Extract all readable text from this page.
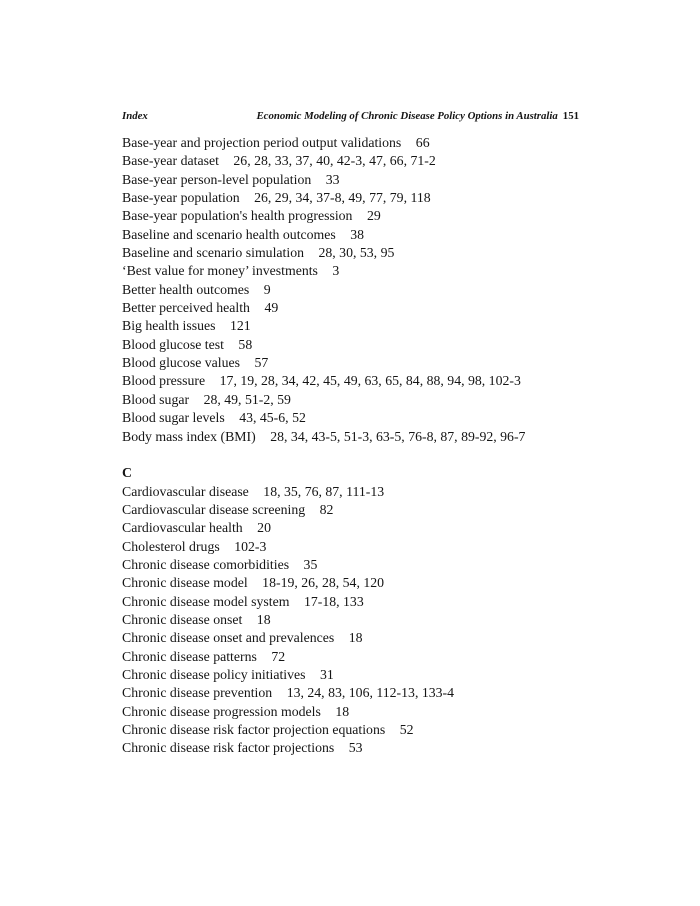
Index	Economic Modeling of Chronic Disease Policy Options in Australia 151
Base-year and projection period output validations 66
Base-year dataset 26, 28, 33, 37, 40, 42-3, 47, 66, 71-2
Base-year person-level population 33
Base-year population 26, 29, 34, 37-8, 49, 77, 79, 118
Base-year population's health progression 29
Baseline and scenario health outcomes 38
Baseline and scenario simulation 28, 30, 53, 95
‘Best value for money’ investments 3
Better health outcomes 9
Better perceived health 49
Big health issues 121
Blood glucose test 58
Blood glucose values 57
Blood pressure 17, 19, 28, 34, 42, 45, 49, 63, 65, 84, 88, 94, 98, 102-3
Blood sugar 28, 49, 51-2, 59
Blood sugar levels 43, 45-6, 52
Body mass index (BMI) 28, 34, 43-5, 51-3, 63-5, 76-8, 87, 89-92, 96-7
C
Cardiovascular disease 18, 35, 76, 87, 111-13
Cardiovascular disease screening 82
Cardiovascular health 20
Cholesterol drugs 102-3
Chronic disease comorbidities 35
Chronic disease model 18-19, 26, 28, 54, 120
Chronic disease model system 17-18, 133
Chronic disease onset 18
Chronic disease onset and prevalences 18
Chronic disease patterns 72
Chronic disease policy initiatives 31
Chronic disease prevention 13, 24, 83, 106, 112-13, 133-4
Chronic disease progression models 18
Chronic disease risk factor projection equations 52
Chronic disease risk factor projections 53
